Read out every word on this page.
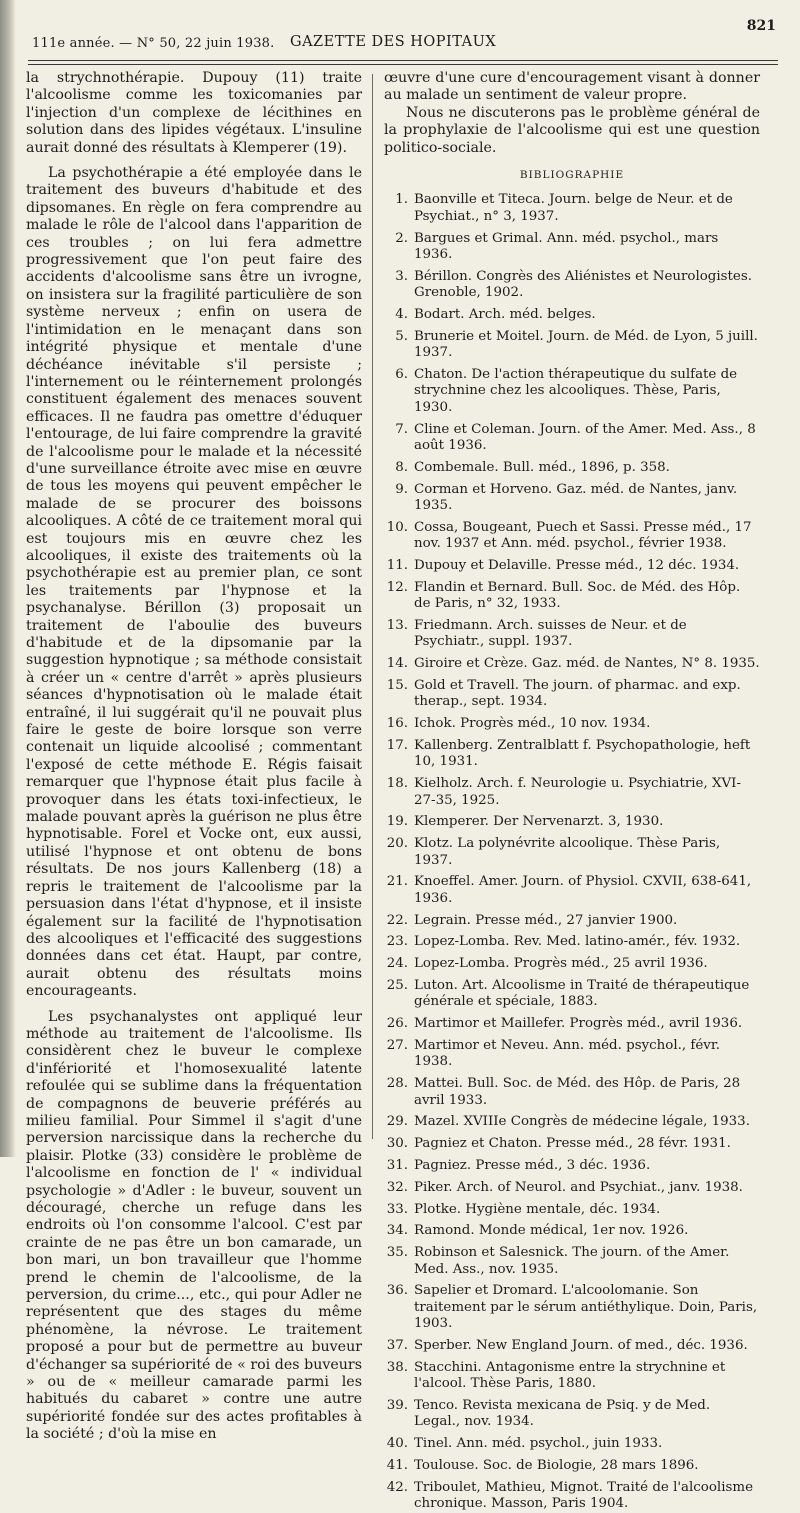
111e année. — N° 50, 22 juin 1938. GAZETTE DES HOPITAUX
821

la strychnothérapie. Dupouy (11) traite l'alcoolisme comme les toxicomanies par l'injection d'un complexe de lécithines en solution dans des lipides végétaux. L'insuline aurait donné des résultats à Klemperer (19).

La psychothérapie a été employée dans le traitement des buveurs d'habitude et des dipsomanes. En règle on fera comprendre au malade le rôle de l'alcool dans l'apparition de ces troubles ; on lui fera admettre progressivement que l'on peut faire des accidents d'alcoolisme sans être un ivrogne, on insistera sur la fragilité particulière de son système nerveux ; enfin on usera de l'intimidation en le menaçant dans son intégrité physique et mentale d'une déchéance inévitable s'il persiste ; l'internement ou le réinternement prolongés constituent également des menaces souvent efficaces. Il ne faudra pas omettre d'éduquer l'entourage, de lui faire comprendre la gravité de l'alcoolisme pour le malade et la nécessité d'une surveillance étroite avec mise en œuvre de tous les moyens qui peuvent empêcher le malade de se procurer des boissons alcooliques. A côté de ce traitement moral qui est toujours mis en œuvre chez les alcooliques, il existe des traitements où la psychothérapie est au premier plan, ce sont les traitements par l'hypnose et la psychanalyse. Bérillon (3) proposait un traitement de l'aboulie des buveurs d'habitude et de la dipsomanie par la suggestion hypnotique ; sa méthode consistait à créer un « centre d'arrêt » après plusieurs séances d'hypnotisation où le malade était entraîné, il lui suggérait qu'il ne pouvait plus faire le geste de boire lorsque son verre contenait un liquide alcoolisé ; commentant l'exposé de cette méthode E. Régis faisait remarquer que l'hypnose était plus facile à provoquer dans les états toxi-infectieux, le malade pouvant après la guérison ne plus être hypnotisable. Forel et Vocke ont, eux aussi, utilisé l'hypnose et ont obtenu de bons résultats. De nos jours Kallenberg (18) a repris le traitement de l'alcoolisme par la persuasion dans l'état d'hypnose, et il insiste également sur la facilité de l'hypnotisation des alcooliques et l'efficacité des suggestions données dans cet état. Haupt, par contre, aurait obtenu des résultats moins encourageants.

Les psychanalystes ont appliqué leur méthode au traitement de l'alcoolisme. Ils considèrent chez le buveur le complexe d'infériorité et l'homosexualité latente refoulée qui se sublime dans la fréquentation de compagnons de beuverie préférés au milieu familial. Pour Simmel il s'agit d'une perversion narcissique dans la recherche du plaisir. Plotke (33) considère le problème de l'alcoolisme en fonction de l' « individual psychologie » d'Adler : le buveur, souvent un découragé, cherche un refuge dans les endroits où l'on consomme l'alcool. C'est par crainte de ne pas être un bon camarade, un bon mari, un bon travailleur que l'homme prend le chemin de l'alcoolisme, de la perversion, du crime..., etc., qui pour Adler ne représentent que des stages du même phénomène, la névrose. Le traitement proposé a pour but de permettre au buveur d'échanger sa supériorité de « roi des buveurs » ou de « meilleur camarade parmi les habitués du cabaret » contre une autre supériorité fondée sur des actes profitables à la société ; d'où la mise en

œuvre d'une cure d'encouragement visant à donner au malade un sentiment de valeur propre.

Nous ne discuterons pas le problème général de la prophylaxie de l'alcoolisme qui est une question politico-sociale.

BIBLIOGRAPHIE
1. Baonville et Titeca. Journ. belge de Neur. et de Psychiat., n° 3, 1937.
2. Bargues et Grimal. Ann. méd. psychol., mars 1936.
3. Bérillon. Congrès des Aliénistes et Neurologistes. Grenoble, 1902.
4. Bodart. Arch. méd. belges.
5. Brunerie et Moitel. Journ. de Méd. de Lyon, 5 juill. 1937.
6. Chaton. De l'action thérapeutique du sulfate de strychnine chez les alcooliques. Thèse, Paris, 1930.
7. Cline et Coleman. Journ. of the Amer. Med. Ass., 8 août 1936.
8. Combemale. Bull. méd., 1896, p. 358.
9. Corman et Horveno. Gaz. méd. de Nantes, janv. 1935.
10. Cossa, Bougeant, Puech et Sassi. Presse méd., 17 nov. 1937 et Ann. méd. psychol., février 1938.
11. Dupouy et Delaville. Presse méd., 12 déc. 1934.
12. Flandin et Bernard. Bull. Soc. de Méd. des Hôp. de Paris, n° 32, 1933.
13. Friedmann. Arch. suisses de Neur. et de Psychiatr., suppl. 1937.
14. Giroire et Crèze. Gaz. méd. de Nantes, N° 8. 1935.
15. Gold et Travell. The journ. of pharmac. and exp. therap., sept. 1934.
16. Ichok. Progrès méd., 10 nov. 1934.
17. Kallenberg. Zentralblatt f. Psychopathologie, heft 10, 1931.
18. Kielholz. Arch. f. Neurologie u. Psychiatrie, XVI-27-35, 1925.
19. Klemperer. Der Nervenarzt. 3, 1930.
20. Klotz. La polynévrite alcoolique. Thèse Paris, 1937.
21. Knoeffel. Amer. Journ. of Physiol. CXVII, 638-641, 1936.
22. Legrain. Presse méd., 27 janvier 1900.
23. Lopez-Lomba. Rev. Med. latino-amér., fév. 1932.
24. Lopez-Lomba. Progrès méd., 25 avril 1936.
25. Luton. Art. Alcoolisme in Traité de thérapeutique générale et spéciale, 1883.
26. Martimor et Maillefer. Progrès méd., avril 1936.
27. Martimor et Neveu. Ann. méd. psychol., févr. 1938.
28. Mattei. Bull. Soc. de Méd. des Hôp. de Paris, 28 avril 1933.
29. Mazel. XVIIIe Congrès de médecine légale, 1933.
30. Pagniez et Chaton. Presse méd., 28 févr. 1931.
31. Pagniez. Presse méd., 3 déc. 1936.
32. Piker. Arch. of Neurol. and Psychiat., janv. 1938.
33. Plotke. Hygiène mentale, déc. 1934.
34. Ramond. Monde médical, 1er nov. 1926.
35. Robinson et Salesnick. The journ. of the Amer. Med. Ass., nov. 1935.
36. Sapelier et Dromard. L'alcoolomanie. Son traitement par le sérum antiéthylique. Doin, Paris, 1903.
37. Sperber. New England Journ. of med., déc. 1936.
38. Stacchini. Antagonisme entre la strychnine et l'alcool. Thèse Paris, 1880.
39. Tenco. Revista mexicana de Psiq. y de Med. Legal., nov. 1934.
40. Tinel. Ann. méd. psychol., juin 1933.
41. Toulouse. Soc. de Biologie, 28 mars 1896.
42. Triboulet, Mathieu, Mignot. Traité de l'alcoolisme chronique. Masson, Paris 1904.
